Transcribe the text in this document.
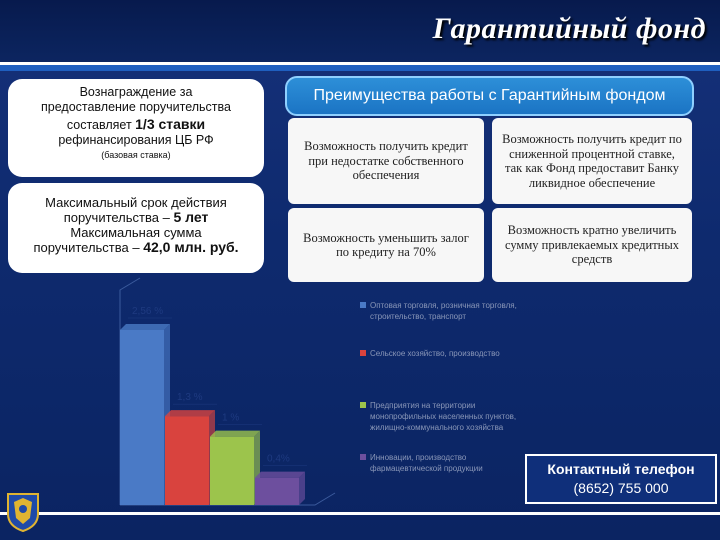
Гарантийный фонд
Вознаграждение за
предоставление поручительства
составляет 1/3 ставки
рефинансирования ЦБ РФ
(базовая ставка)
Максимальный срок действия
поручительства – 5 лет
Максимальная сумма
поручительства – 42,0 млн. руб.
Преимущества работы с Гарантийным фондом
Возможность получить кредит при недостатке собственного обеспечения
Возможность получить кредит по сниженной процентной ставке, так как Фонд предоставит Банку ликвидное обеспечение
Возможность уменьшить залог по кредиту на 70%
Возможность кратно увеличить сумму привлекаемых кредитных средств
2,56 %
1,3 %
1 %
0,4%
Оптовая торговля, розничная торговля, строительство, транспорт
Сельское хозяйство, производство
Предприятия на территории монопрофильных населенных пунктов, жилищно-коммунального хозяйства
Инновации, производство фармацевтической продукции	Контактный телефон
(8652) 755 000
